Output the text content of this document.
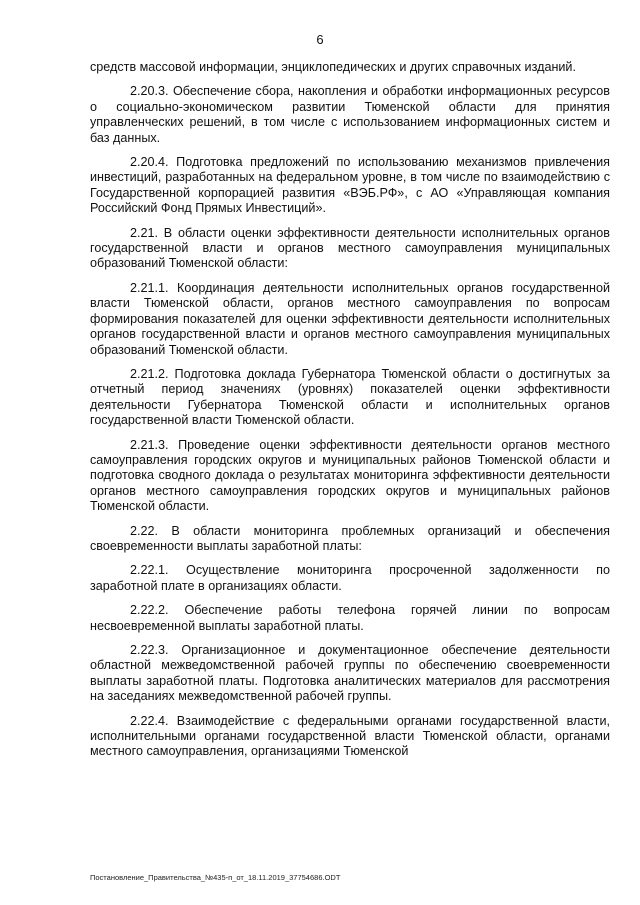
6

средств массовой информации, энциклопедических и других справочных изданий.

2.20.3. Обеспечение сбора, накопления и обработки информационных ресурсов о социально-экономическом развитии Тюменской области для принятия управленческих решений, в том числе с использованием информационных систем и баз данных.

2.20.4. Подготовка предложений по использованию механизмов привлечения инвестиций, разработанных на федеральном уровне, в том числе по взаимодействию с Государственной корпорацией развития «ВЭБ.РФ», с АО «Управляющая компания Российский Фонд Прямых Инвестиций».

2.21. В области оценки эффективности деятельности исполнительных органов государственной власти и органов местного самоуправления муниципальных образований Тюменской области:

2.21.1. Координация деятельности исполнительных органов государственной власти Тюменской области, органов местного самоуправления по вопросам формирования показателей для оценки эффективности деятельности исполнительных органов государственной власти и органов местного самоуправления муниципальных образований Тюменской области.

2.21.2. Подготовка доклада Губернатора Тюменской области о достигнутых за отчетный период значениях (уровнях) показателей оценки эффективности деятельности Губернатора Тюменской области и исполнительных органов государственной власти Тюменской области.

2.21.3. Проведение оценки эффективности деятельности органов местного самоуправления городских округов и муниципальных районов Тюменской области и подготовка сводного доклада о результатах мониторинга эффективности деятельности органов местного самоуправления городских округов и муниципальных районов Тюменской области.

2.22. В области мониторинга проблемных организаций и обеспечения своевременности выплаты заработной платы:

2.22.1. Осуществление мониторинга просроченной задолженности по заработной плате в организациях области.

2.22.2. Обеспечение работы телефона горячей линии по вопросам несвоевременной выплаты заработной платы.

2.22.3. Организационное и документационное обеспечение деятельности областной межведомственной рабочей группы по обеспечению своевременности выплаты заработной платы. Подготовка аналитических материалов для рассмотрения на заседаниях межведомственной рабочей группы.

2.22.4. Взаимодействие с федеральными органами государственной власти, исполнительными органами государственной власти Тюменской области, органами местного самоуправления, организациями Тюменской

Постановление_Правительства_№435-п_от_18.11.2019_37754686.ODT
